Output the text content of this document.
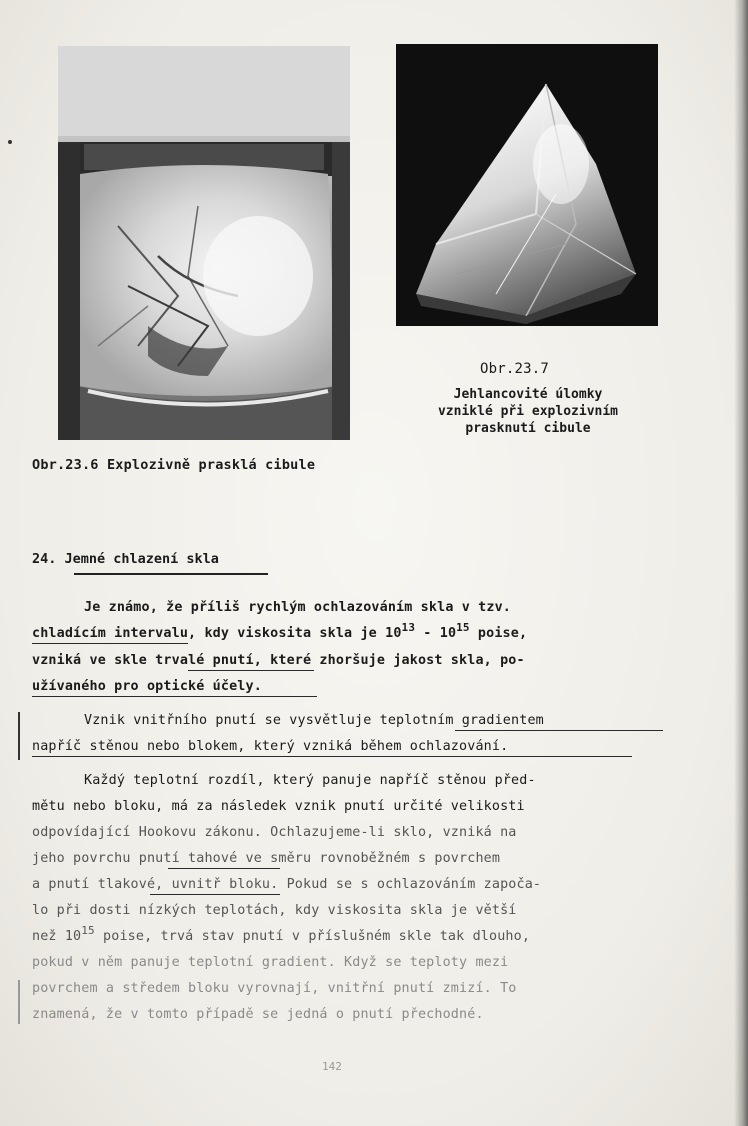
Obr.23.7
Jehlancovité úlomky
vzniklé při explozivním
prasknutí cibule
Obr.23.6 Explozivně prasklá cibule
24. Jemné chlazení skla
Je známo, že příliš rychlým ochlazováním skla v tzv.
chladícím intervalu, kdy viskosita skla je $10^{13} - 10^{15}$ poise,
vzniká ve skle trvalé pnutí, které zhoršuje jakost skla, po-
užívaného pro optické účely.
Vznik vnitřního pnutí se vysvětluje teplotním gradientem
napříč stěnou nebo blokem, který vzniká během ochlazování.
Každý teplotní rozdíl, který panuje napříč stěnou před-
mětu nebo bloku, má za následek vznik pnutí určité velikosti
odpovídající Hookovu zákonu. Ochlazujeme-li sklo, vzniká na
jeho povrchu pnutí tahové ve směru rovnoběžném s povrchem
a pnutí tlakové, uvnitř bloku. Pokud se s ochlazováním započa-
lo při dosti nízkých teplotách, kdy viskosita skla je větší
než $10^{15}$ poise, trvá stav pnutí v příslušném skle tak dlouho,
pokud v něm panuje teplotní gradient. Když se teploty mezi
povrchem a středem bloku vyrovnají, vnitřní pnutí zmizí. To
znamená, že v tomto případě se jedná o pnutí přechodné.
142
